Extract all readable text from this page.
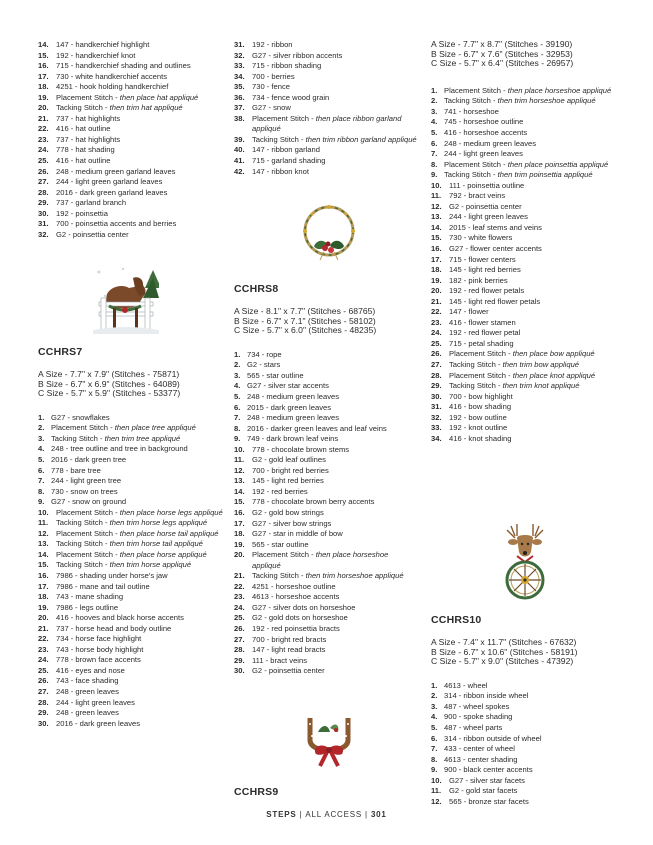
14. 147 - handkerchief highlight
15. 192 - handkerchief knot
16. 715 - handkerchief shading and outlines
17. 730 - white handkerchief accents
18. 4251 - hook holding handkerchief
19. Placement Stitch - then place hat appliqué
20. Tacking Stitch - then trim hat appliqué
21. 737 - hat highlights
22. 416 - hat outline
23. 737 - hat highlights
24. 778 - hat shading
25. 416 - hat outline
26. 248 - medium green garland leaves
27. 244 - light green garland leaves
28. 2016 - dark green garland leaves
29. 737 - garland branch
30. 192 - poinsettia
31. 700 - poinsettia accents and berries
32. G2 - poinsettia center
CCHRS7
A Size - 7.7" x 7.9" (Stitches - 75871)
B Size - 6.7" x 6.9" (Stitches - 64089)
C Size - 5.7" x 5.9" (Stitches - 53377)
1. G27 - snowflakes
2. Placement Stitch - then place tree appliqué
3. Tacking Stitch - then trim tree appliqué
4. 248 - tree outline and tree in background
5. 2016 - dark green tree
6. 778 - bare tree
7. 244 - light green tree
8. 730 - snow on trees
9. G27 - snow on ground
10. Placement Stitch - then place horse legs appliqué
11.	Tacking Stitch - then trim horse legs appliqué
12. Placement Stitch - then place horse tail appliqué
13. Tacking Stitch - then trim horse tail appliqué
14. Placement Stitch - then place horse appliqué
15. Tacking Stitch - then trim horse appliqué
16. 7986 - shading under horse's jaw
17. 7986 - mane and tail outline
18. 743 - mane shading
19. 7986 - legs outline
20. 416 - hooves and black horse accents
21. 737 - horse head and body outline
22. 734 - horse face highlight
23. 743 - horse body highlight
24. 778 - brown face accents
25. 416 - eyes and nose
26. 743 - face shading
27. 248 - green leaves
28. 244 - light green leaves
29. 248 - green leaves
30. 2016 - dark green leaves
31. 192 - ribbon
32. G27 - silver ribbon accents
33. 715 - ribbon shading
34. 700 - berries
35. 730 - fence
36. 734 - fence wood grain
37. G27 - snow
38. Placement Stitch - then place ribbon garland appliqué
39. Tacking Stitch - then trim ribbon garland appliqué
40. 147 - ribbon garland
41. 715 - garland shading
42. 147 - ribbon knot
CCHRS8
A Size - 8.1" x 7.7" (Stitches - 68765)
B Size - 6.7" x 7.1" (Stitches - 58102)
C Size - 5.7" x 6.0" (Stitches - 48235)
1. 734 - rope
2. G2 - stars
3. 565 - star outline
4. G27 - silver star accents
5. 248 - medium green leaves
6. 2015 - dark green leaves
7. 248 - medium green leaves
8. 2016 - darker green leaves and leaf veins
9. 749 - dark brown leaf veins
10. 778 - chocolate brown stems
11.	G2 - gold leaf outlines
12. 700 - bright red berries
13. 145 - light red berries
14. 192 - red berries
15. 778 - chocolate brown berry accents
16. G2 - gold bow strings
17. G27 - silver bow strings
18. G27 - star in middle of bow
19. 565 - star outline
20. Placement Stitch - then place horseshoe appliqué
21. Tacking Stitch - then trim horseshoe appliqué
22. 4251 - horseshoe outline
23. 4613 - horseshoe accents
24. G27 - silver dots on horseshoe
25. G2 - gold dots on horseshoe
26. 192 - red poinsettia bracts
27. 700 - bright red bracts
28. 147 - light read bracts
29. 111 - bract veins
30. G2 - poinsettia center
CCHRS9
A Size - 7.7" x 8.7" (Stitches - 39190)
B Size - 6.7" x 7.6" (Stitches - 32953)
C Size - 5.7" x 6.4" (Stitches - 26957)
1. Placement Stitch - then place horseshoe appliqué
2. Tacking Stitch - then trim horseshoe appliqué
3. 741 - horseshoe
4. 745 - horseshoe outline
5. 416 - horseshoe accents
6. 248 - medium green leaves
7. 244 - light green leaves
8. Placement Stitch - then place poinsettia appliqué
9. Tacking Stitch - then trim poinsettia appliqué
10. 111 - poinsettia outline
11.	792 - bract veins
12. G2 - poinsettia center
13. 244 - light green leaves
14. 2015 - leaf stems and veins
15. 730 - white flowers
16. G27 - flower center accents
17. 715 - flower centers
18. 145 - light red berries
19. 182 - pink berries
20. 192 - red flower petals
21. 145 - light red flower petals
22. 147 - flower
23. 416 - flower stamen
24. 192 - red flower petal
25. 715 - petal shading
26. Placement Stitch - then place bow appliqué
27. Tacking Stitch - then trim bow appliqué
28. Placement Stitch - then place knot appliqué
29. Tacking Stitch - then trim knot appliqué
30. 700 - bow highlight
31. 416 - bow shading
32. 192 - bow outline
33. 192 - knot outline
34. 416 - knot shading
CCHRS10
A Size - 7.4" x 11.7" (Stitches - 67632)
B Size - 6.7" x 10.6" (Stitches - 58191)
C Size - 5.7" x 9.0" (Stitches - 47392)
1. 4613 - wheel
2. 314 - ribbon inside wheel
3. 487 - wheel spokes
4. 900 - spoke shading
5. 487 - wheel parts
6. 314 - ribbon outside of wheel
7. 433 - center of wheel
8. 4613 - center shading
9. 900 - black center accents
10. G27 - silver star facets
11.	G2 - gold star facets
12. 565 - bronze star facets
STEPS | ALL ACCESS | 301
